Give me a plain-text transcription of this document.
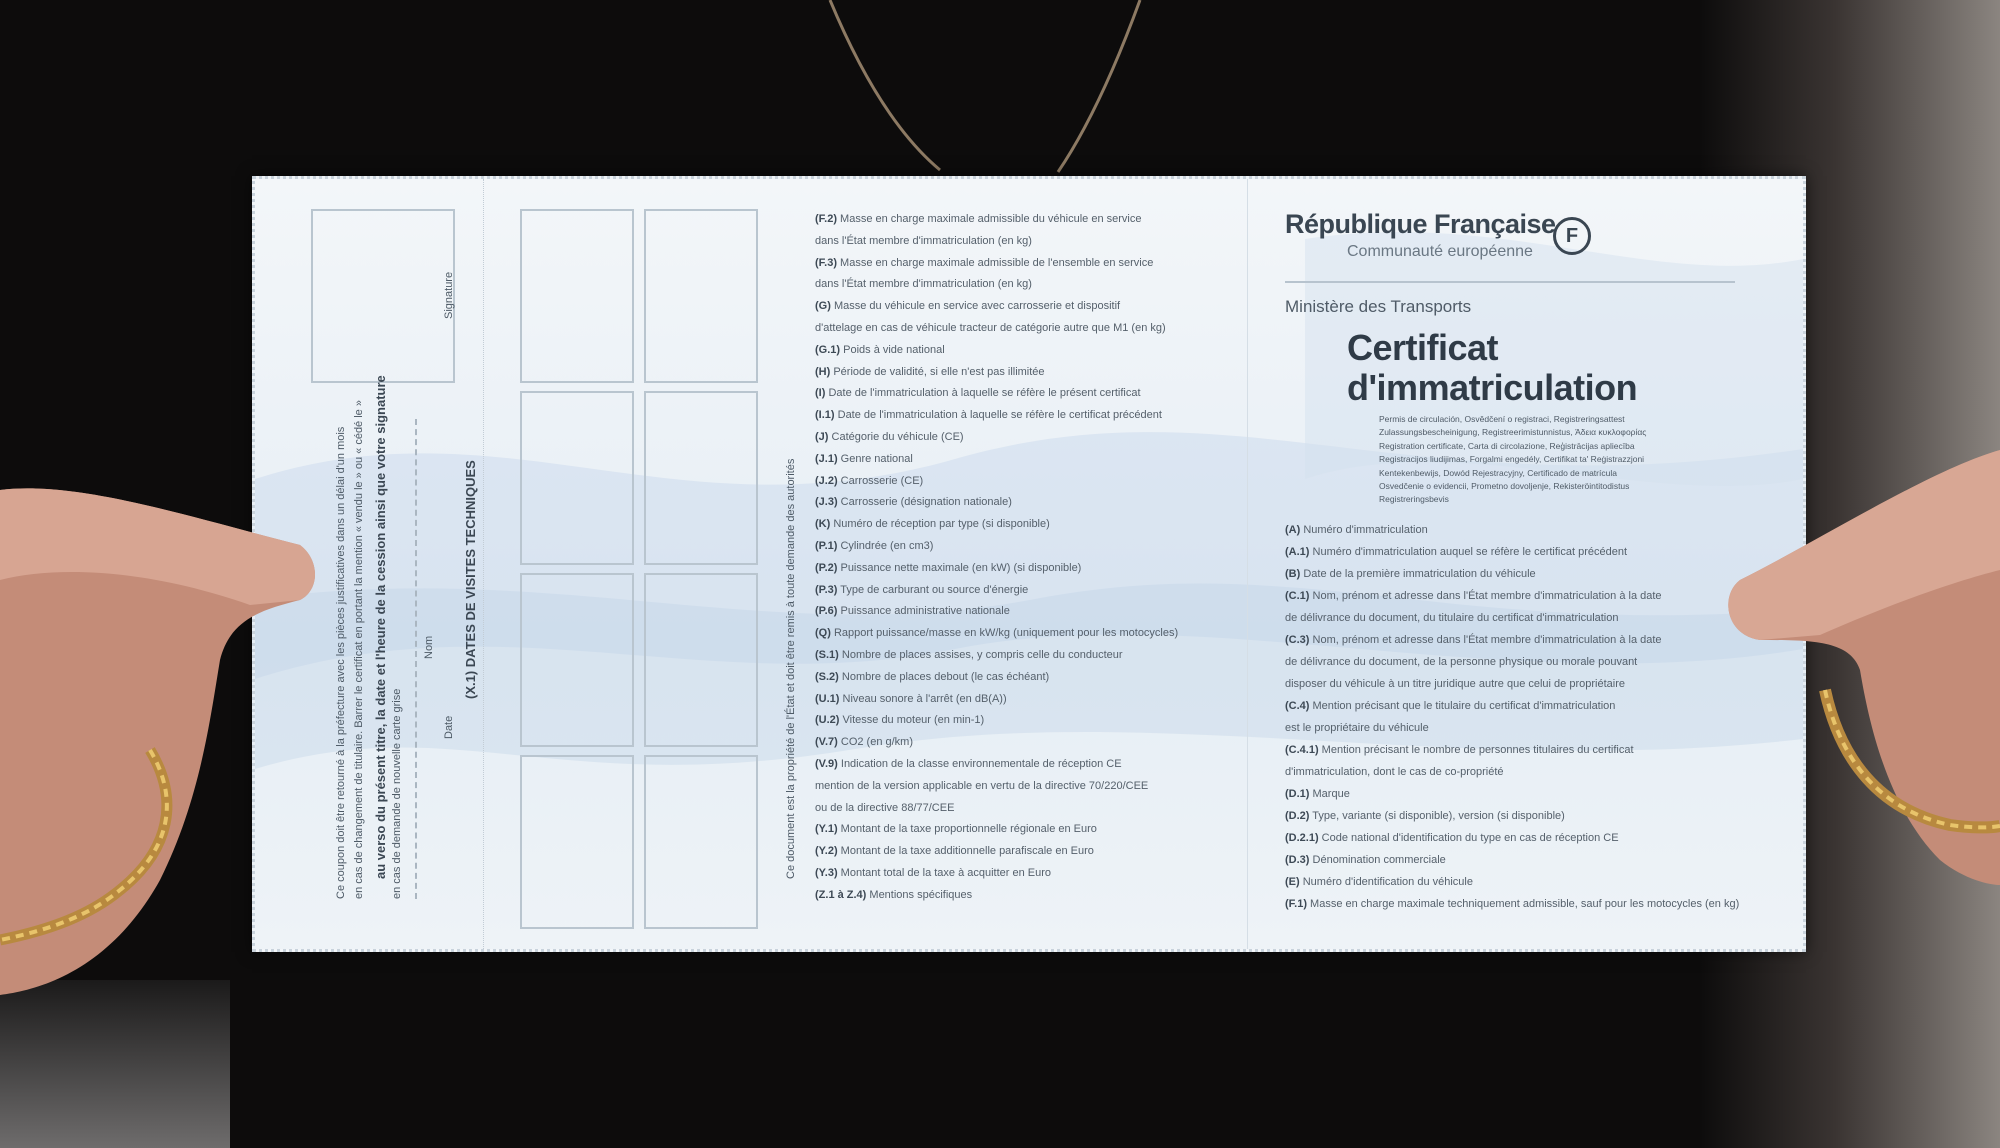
Ce coupon doit être retourné à la préfecture avec les pièces justificatives dans un délai d'un mois en cas de changement de titulaire. Barrer le certificat en portant la mention « vendu le » ou « cédé le » au verso du présent titre, la date et l'heure de la cession ainsi que votre signature en cas de demande de nouvelle carte grise
Nom
Date
Signature
(X.1) DATES DE VISITES TECHNIQUES	Ce document est la propriété de l'État et doit être remis à toute demande des autorités
(F.2) Masse en charge maximale admissible du véhicule en service
dans l'État membre d'immatriculation (en kg)
(F.3) Masse en charge maximale admissible de l'ensemble en service
dans l'État membre d'immatriculation (en kg)
(G) Masse du véhicule en service avec carrosserie et dispositif
d'attelage en cas de véhicule tracteur de catégorie autre que M1 (en kg)
(G.1) Poids à vide national
(H) Période de validité, si elle n'est pas illimitée
(I) Date de l'immatriculation à laquelle se réfère le présent certificat
(I.1) Date de l'immatriculation à laquelle se réfère le certificat précédent
(J) Catégorie du véhicule (CE)
(J.1) Genre national
(J.2) Carrosserie (CE)
(J.3) Carrosserie (désignation nationale)
(K) Numéro de réception par type (si disponible)
(P.1) Cylindrée (en cm3)
(P.2) Puissance nette maximale (en kW) (si disponible)
(P.3) Type de carburant ou source d'énergie
(P.6) Puissance administrative nationale
(Q) Rapport puissance/masse en kW/kg (uniquement pour les motocycles)
(S.1) Nombre de places assises, y compris celle du conducteur
(S.2) Nombre de places debout (le cas échéant)
(U.1) Niveau sonore à l'arrêt (en dB(A))
(U.2) Vitesse du moteur (en min-1)
(V.7) CO2 (en g/km)
(V.9) Indication de la classe environnementale de réception CE
mention de la version applicable en vertu de la directive 70/220/CEE
ou de la directive 88/77/CEE
(Y.1) Montant de la taxe proportionnelle régionale en Euro
(Y.2) Montant de la taxe additionnelle parafiscale en Euro
(Y.3) Montant total de la taxe à acquitter en Euro
(Z.1 à Z.4) Mentions spécifiques
République Française
Communauté européenne
F
Ministère des Transports
Certificat
d'immatriculation
Permis de circulación, Osvědčení o registraci, Registreringsattest
Zulassungsbescheinigung, Registreerimistunnistus, Άδεια κυκλοφορίας
Registration certificate, Carta di circolazione, Reģistrācijas apliecība
Registracijos liudijimas, Forgalmi engedély, Certifikat ta' Reġistrazzjoni
Kentekenbewijs, Dowód Rejestracyjny, Certificado de matrícula
Osvedčenie o evidencii, Prometno dovoljenje, Rekisteröintitodistus
Registreringsbevis
(A) Numéro d'immatriculation
(A.1) Numéro d'immatriculation auquel se réfère le certificat précédent
(B) Date de la première immatriculation du véhicule
(C.1) Nom, prénom et adresse dans l'État membre d'immatriculation à la date
de délivrance du document, du titulaire du certificat d'immatriculation
(C.3) Nom, prénom et adresse dans l'État membre d'immatriculation à la date
de délivrance du document, de la personne physique ou morale pouvant
disposer du véhicule à un titre juridique autre que celui de propriétaire
(C.4) Mention précisant que le titulaire du certificat d'immatriculation
est le propriétaire du véhicule
(C.4.1) Mention précisant le nombre de personnes titulaires du certificat
d'immatriculation, dont le cas de co-propriété
(D.1) Marque
(D.2) Type, variante (si disponible), version (si disponible)
(D.2.1) Code national d'identification du type en cas de réception CE
(D.3) Dénomination commerciale
(E) Numéro d'identification du véhicule
(F.1) Masse en charge maximale techniquement admissible, sauf pour les motocycles (en kg)
